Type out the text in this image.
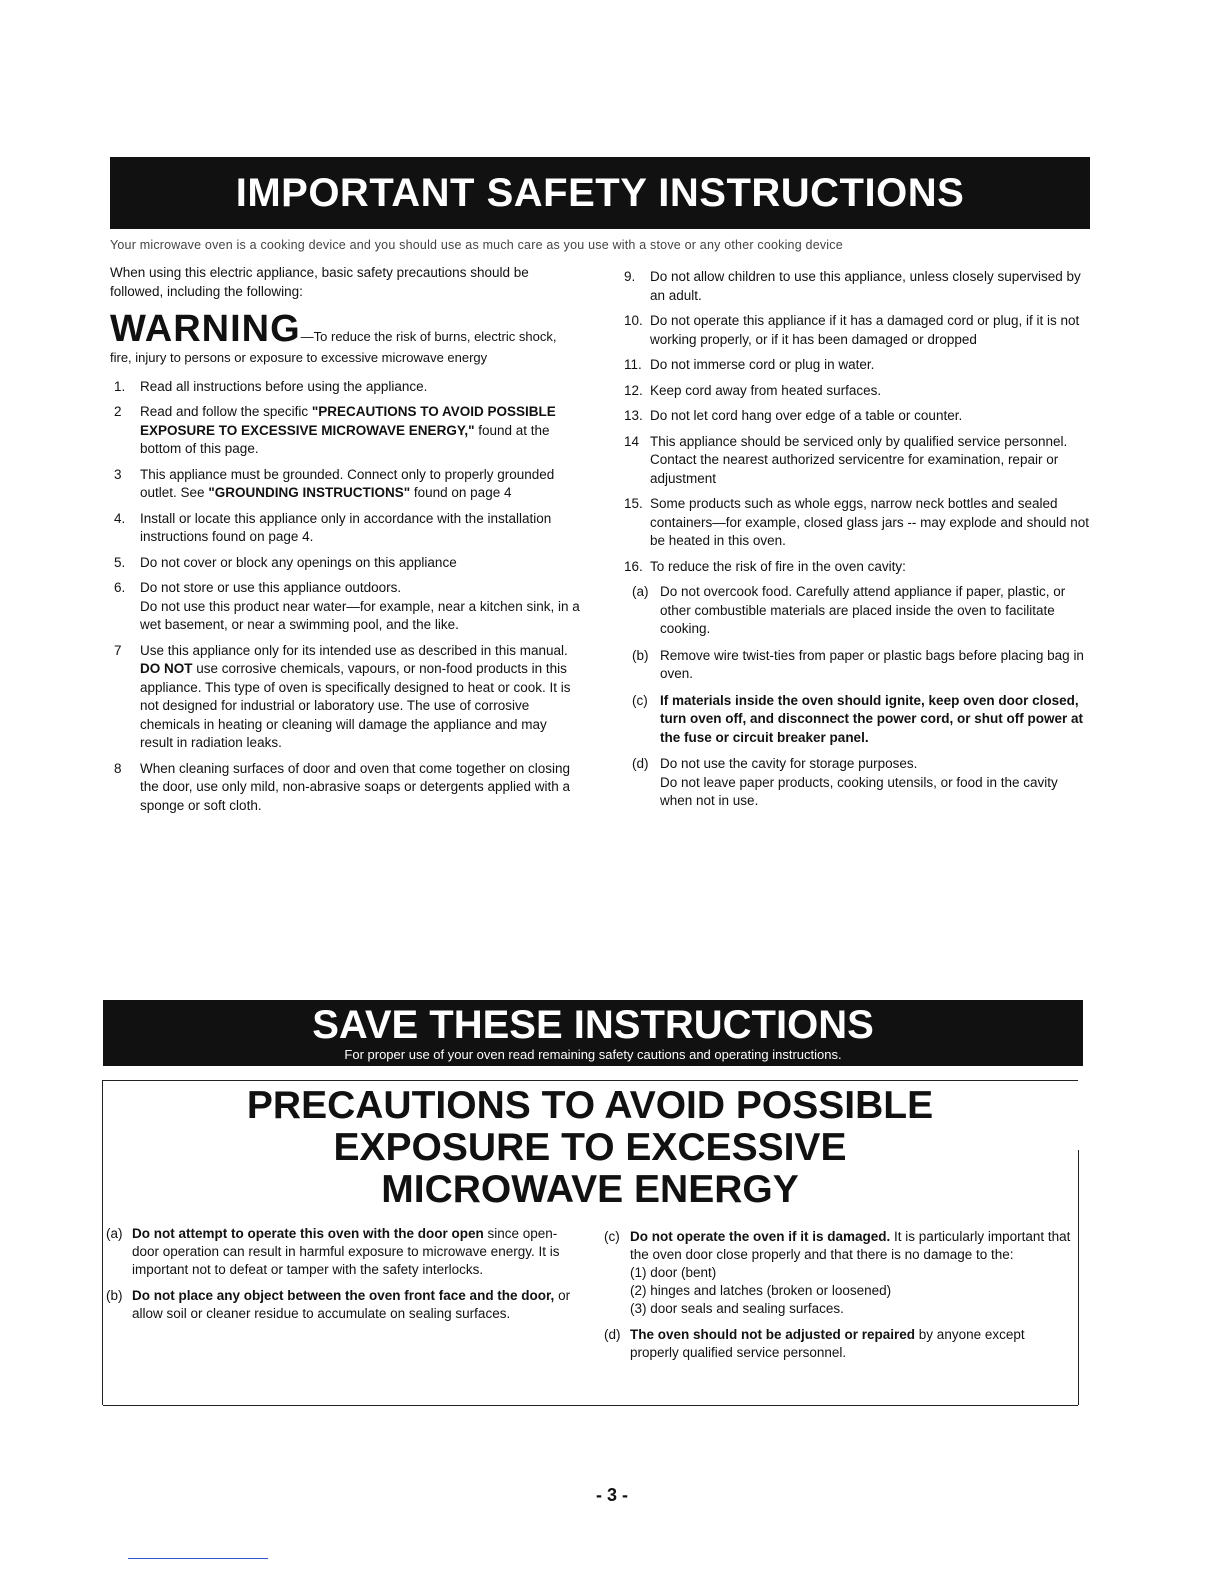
IMPORTANT SAFETY INSTRUCTIONS
Your microwave oven is a cooking device and you should use as much care as you use with a stove or any other cooking device

When using this electric appliance, basic safety precautions should be followed, including the following:

WARNING—To reduce the risk of burns, electric shock, fire, injury to persons or exposure to excessive microwave energy
1.	Read all instructions before using the appliance.
2	Read and follow the specific "PRECAUTIONS TO AVOID POSSIBLE EXPOSURE TO EXCESSIVE MICROWAVE ENERGY," found at the bottom of this page.
3	This appliance must be grounded. Connect only to properly grounded outlet. See "GROUNDING INSTRUCTIONS" found on page 4
4.	Install or locate this appliance only in accordance with the installation instructions found on page 4.
5.	Do not cover or block any openings on this appliance
6.	Do not store or use this appliance outdoors.
Do not use this product near water—for example, near a kitchen sink, in a wet basement, or near a swimming pool, and the like.
7	Use this appliance only for its intended use as described in this manual. DO NOT use corrosive chemicals, vapours, or non-food products in this appliance. This type of oven is specifically designed to heat or cook. It is not designed for industrial or laboratory use. The use of corrosive chemicals in heating or cleaning will damage the appliance and may result in radiation leaks.
8	When cleaning surfaces of door and oven that come together on closing the door, use only mild, non-abrasive soaps or detergents applied with a sponge or soft cloth.
9.	Do not allow children to use this appliance, unless closely supervised by an adult.
10. Do not operate this appliance if it has a damaged cord or plug, if it is not working properly, or if it has been damaged or dropped
11. Do not immerse cord or plug in water.
12. Keep cord away from heated surfaces.
13. Do not let cord hang over edge of a table or counter.
14 This appliance should be serviced only by qualified service personnel. Contact the nearest authorized servicentre for examination, repair or adjustment
15. Some products such as whole eggs, narrow neck bottles and sealed containers—for example, closed glass jars -- may explode and should not be heated in this oven.
16. To reduce the risk of fire in the oven cavity:
(a) Do not overcook food. Carefully attend appliance if paper, plastic, or other combustible materials are placed inside the oven to facilitate cooking.
(b) Remove wire twist-ties from paper or plastic bags before placing bag in oven.
(c) If materials inside the oven should ignite, keep oven door closed, turn oven off, and disconnect the power cord, or shut off power at the fuse or circuit breaker panel.
(d) Do not use the cavity for storage purposes.
Do not leave paper products, cooking utensils, or food in the cavity when not in use.
SAVE THESE INSTRUCTIONS
For proper use of your oven read remaining safety cautions and operating instructions.
PRECAUTIONS TO AVOID POSSIBLE
EXPOSURE TO EXCESSIVE
MICROWAVE ENERGY
(a) Do not attempt to operate this oven with the door open since open-door operation can result in harmful exposure to microwave energy. It is important not to defeat or tamper with the safety interlocks.
(b) Do not place any object between the oven front face and the door, or allow soil or cleaner residue to accumulate on sealing surfaces.
(c) Do not operate the oven if it is damaged. It is particularly important that the oven door close properly and that there is no damage to the:
(1) door (bent)
(2) hinges and latches (broken or loosened)
(3) door seals and sealing surfaces.
(d) The oven should not be adjusted or repaired by anyone except properly qualified service personnel.
- 3 -
